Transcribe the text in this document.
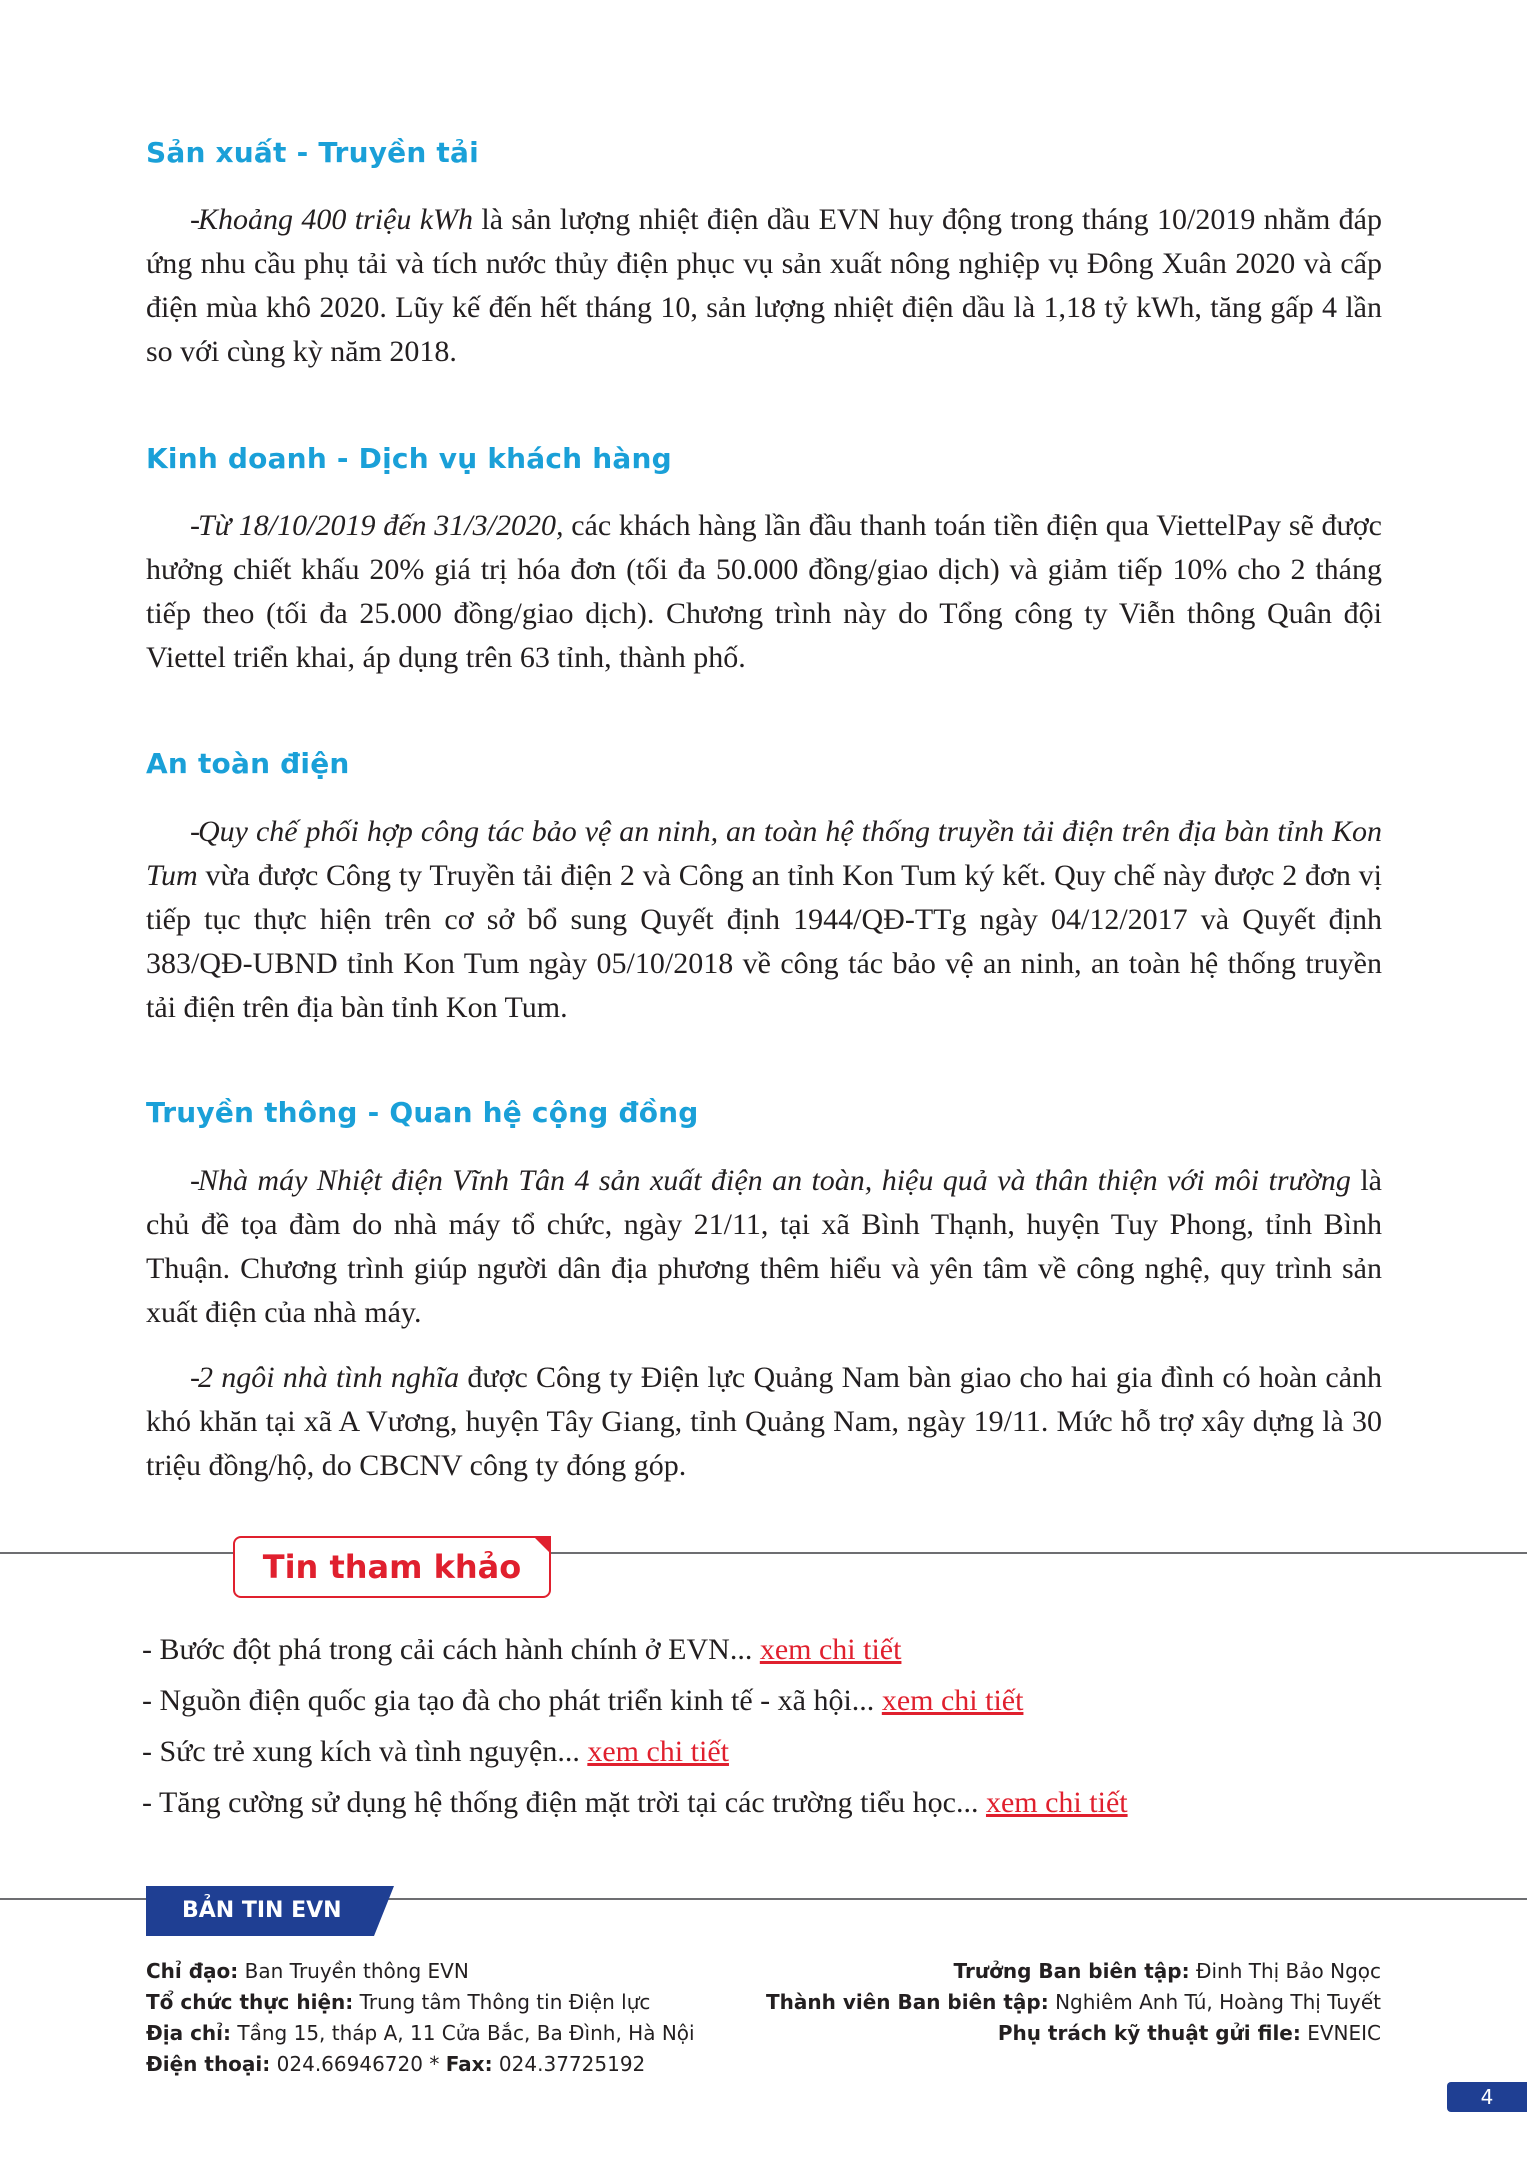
Sản xuất - Truyền tải

-Khoảng 400 triệu kWh là sản lượng nhiệt điện dầu EVN huy động trong tháng 10/2019 nhằm đáp ứng nhu cầu phụ tải và tích nước thủy điện phục vụ sản xuất nông nghiệp vụ Đông Xuân 2020 và cấp điện mùa khô 2020. Lũy kế đến hết tháng 10, sản lượng nhiệt điện dầu là 1,18 tỷ kWh, tăng gấp 4 lần so với cùng kỳ năm 2018.

Kinh doanh - Dịch vụ khách hàng

-Từ 18/10/2019 đến 31/3/2020, các khách hàng lần đầu thanh toán tiền điện qua ViettelPay sẽ được hưởng chiết khấu 20% giá trị hóa đơn (tối đa 50.000 đồng/giao dịch) và giảm tiếp 10% cho 2 tháng tiếp theo (tối đa 25.000 đồng/giao dịch). Chương trình này do Tổng công ty Viễn thông Quân đội Viettel triển khai, áp dụng trên 63 tỉnh, thành phố.

An toàn điện

-Quy chế phối hợp công tác bảo vệ an ninh, an toàn hệ thống truyền tải điện trên địa bàn tỉnh Kon Tum vừa được Công ty Truyền tải điện 2 và Công an tỉnh Kon Tum ký kết. Quy chế này được 2 đơn vị tiếp tục thực hiện trên cơ sở bổ sung Quyết định 1944/QĐ-TTg ngày 04/12/2017 và Quyết định 383/QĐ-UBND tỉnh Kon Tum ngày 05/10/2018 về công tác bảo vệ an ninh, an toàn hệ thống truyền tải điện trên địa bàn tỉnh Kon Tum.

Truyền thông - Quan hệ cộng đồng

-Nhà máy Nhiệt điện Vĩnh Tân 4 sản xuất điện an toàn, hiệu quả và thân thiện với môi trường là chủ đề tọa đàm do nhà máy tổ chức, ngày 21/11, tại xã Bình Thạnh, huyện Tuy Phong, tỉnh Bình Thuận. Chương trình giúp người dân địa phương thêm hiểu và yên tâm về công nghệ, quy trình sản xuất điện của nhà máy.

-2 ngôi nhà tình nghĩa được Công ty Điện lực Quảng Nam bàn giao cho hai gia đình có hoàn cảnh khó khăn tại xã A Vương, huyện Tây Giang, tỉnh Quảng Nam, ngày 19/11. Mức hỗ trợ xây dựng là 30 triệu đồng/hộ, do CBCNV công ty đóng góp.

Tin tham khảo
- Bước đột phá trong cải cách hành chính ở EVN... xem chi tiết
- Nguồn điện quốc gia tạo đà cho phát triển kinh tế - xã hội... xem chi tiết
- Sức trẻ xung kích và tình nguyện... xem chi tiết
- Tăng cường sử dụng hệ thống điện mặt trời tại các trường tiểu học... xem chi tiết
BẢN TIN EVN
Chỉ đạo: Ban Truyền thông EVN
Tổ chức thực hiện: Trung tâm Thông tin Điện lực
Địa chỉ: Tầng 15, tháp A, 11 Cửa Bắc, Ba Đình, Hà Nội
Điện thoại: 024.66946720 * Fax: 024.37725192
Trưởng Ban biên tập: Đinh Thị Bảo Ngọc
Thành viên Ban biên tập: Nghiêm Anh Tú, Hoàng Thị Tuyết
Phụ trách kỹ thuật gửi file: EVNEIC
4
